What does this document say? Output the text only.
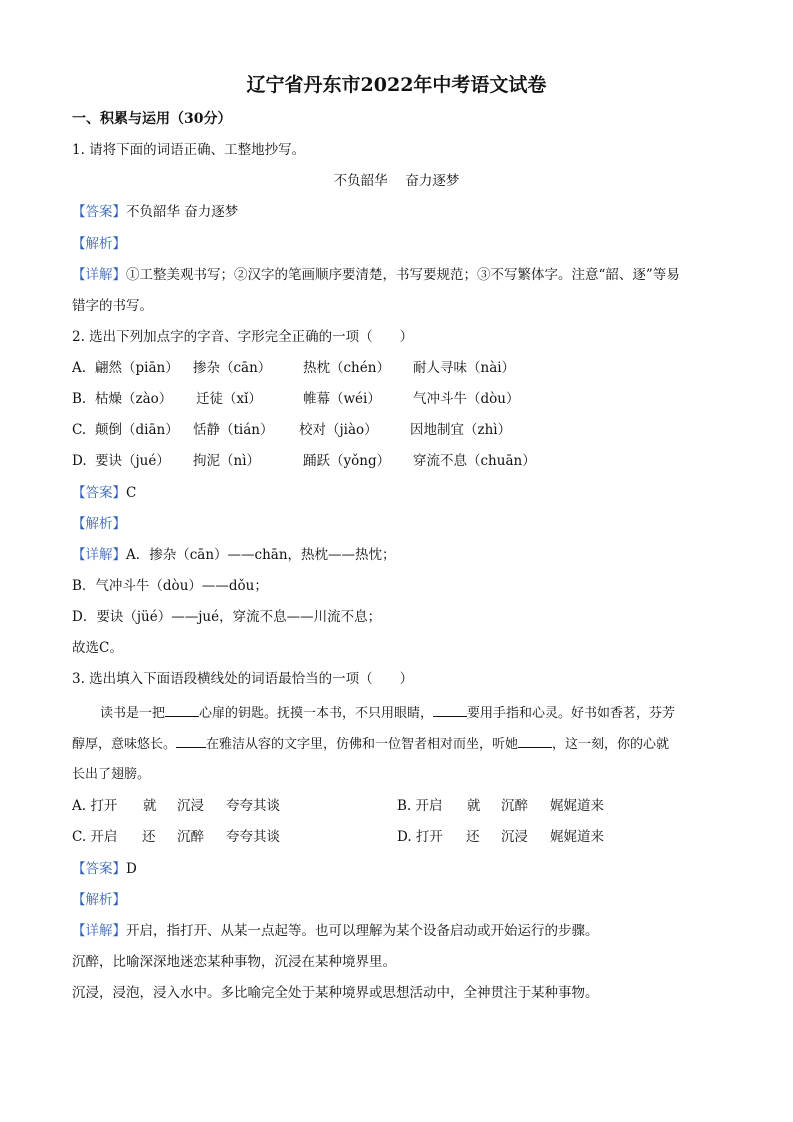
辽宁省丹东市2022年中考语文试卷
一、积累与运用（30分）
1. 请将下面的词语正确、工整地抄写。
不负韶华　 奋力逐梦
【答案】不负韶华 奋力逐梦
【解析】
【详解】①工整美观书写；②汉字的笔画顺序要清楚，书写要规范；③不写繁体字。注意“韶、逐”等易
错字的书写。
2. 选出下列加点字的字音、字形完全正确的一项（　　）
A. 翩然（piān） 掺杂（cān） 热枕（chén） 耐人寻味（nài）
B. 枯燥（zào） 迁徒（xǐ）	帷幕（wéi） 气冲斗牛（dòu）
C. 颠倒（diān） 恬静（tián） 校对（jiào） 因地制宜（zhì）
D. 要诀（jué） 拘泥（nì）	踊跃（yǒng） 穿流不息（chuān）
【答案】C
【解析】
【详解】A．掺杂（cān）——chān，热枕——热忱；
B．气冲斗牛（dòu）——dǒu；
D．要诀（jüé）——jué，穿流不息——川流不息；
故选C。
3. 选出填入下面语段横线处的词语最恰当的一项（　　）
读书是一把	心扉的钥匙。抚摸一本书，不只用眼睛，	要用手指和心灵。好书如香茗，芬芳
醇厚，意味悠长。 在雅洁从容的文字里，仿佛和一位智者相对而坐，听她	，这一刻，你的心就
长出了翅膀。
A. 打开 就 沉浸 夸夸其谈	B. 开启 就 沉醉 娓娓道来
C. 开启 还 沉醉 夸夸其谈	D. 打开 还 沉浸 娓娓道来
【答案】D
【解析】
【详解】开启，指打开、从某一点起等。也可以理解为某个设备启动或开始运行的步骤。
沉醉，比喻深深地迷恋某种事物，沉浸在某种境界里。
沉浸，浸泡，浸入水中。多比喻完全处于某种境界或思想活动中，全神贯注于某种事物。
